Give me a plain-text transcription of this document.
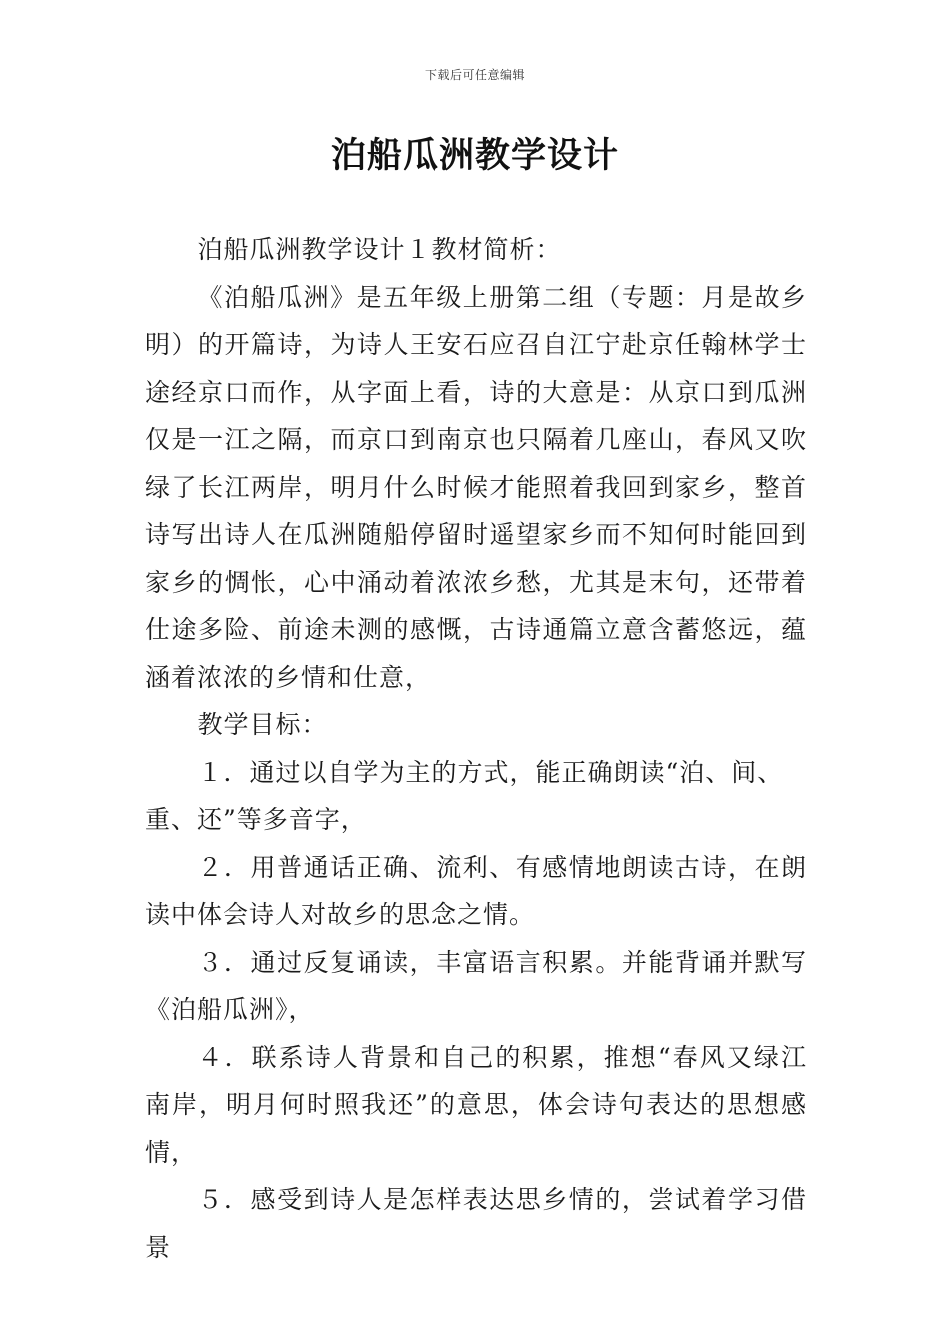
下载后可任意编辑
泊船瓜洲教学设计

泊船瓜洲教学设计１教材简析：

《泊船瓜洲》是五年级上册第二组（专题：月是故乡明）的开篇诗，为诗人王安石应召自江宁赴京任翰林学士途经京口而作，从字面上看，诗的大意是：从京口到瓜洲仅是一江之隔，而京口到南京也只隔着几座山，春风又吹绿了长江两岸，明月什么时候才能照着我回到家乡，整首诗写出诗人在瓜洲随船停留时遥望家乡而不知何时能回到家乡的惆怅，心中涌动着浓浓乡愁，尤其是末句，还带着仕途多险、前途未测的感慨，古诗通篇立意含蓄悠远，蕴涵着浓浓的乡情和仕意，

教学目标：

１．通过以自学为主的方式，能正确朗读“泊、间、重、还”等多音字，

２．用普通话正确、流利、有感情地朗读古诗，在朗读中体会诗人对故乡的思念之情。

３．通过反复诵读，丰富语言积累。并能背诵并默写《泊船瓜洲》，

４．联系诗人背景和自己的积累，推想“春风又绿江南岸，明月何时照我还”的意思，体会诗句表达的思想感情，

５．感受到诗人是怎样表达思乡情的，尝试着学习借景
